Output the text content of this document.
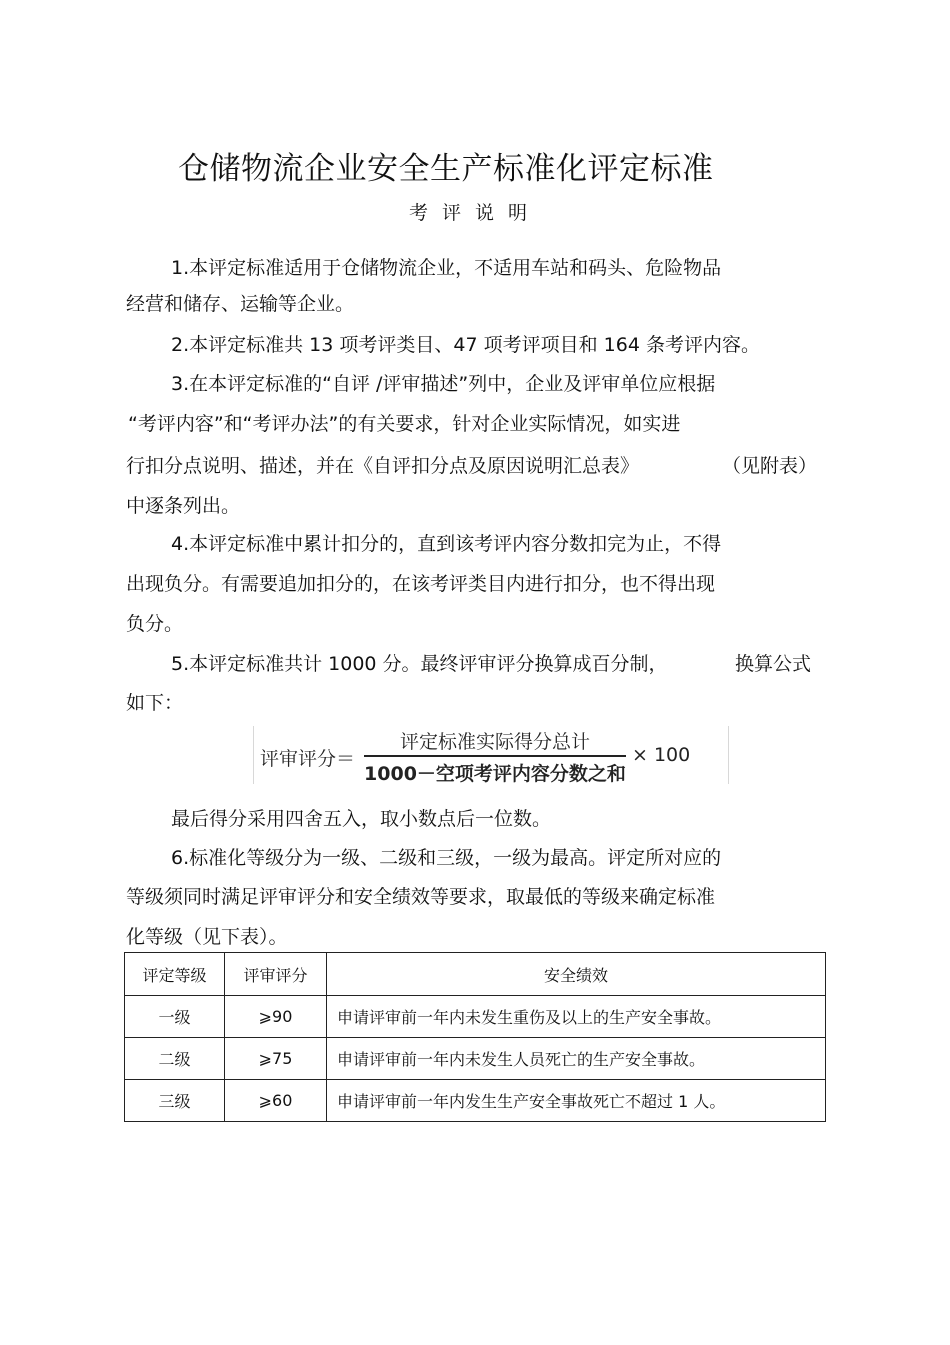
仓储物流企业安全生产标准化评定标准
考评说明
1.本评定标准适用于仓储物流企业，不适用车站和码头、危险物品
经营和储存、运输等企业。
2.本评定标准共 13 项考评类目、47 项考评项目和 164 条考评内容。
3.在本评定标准的“自评 /评审描述”列中，企业及评审单位应根据
“考评内容”和“考评办法”的有关要求，针对企业实际情况，如实进
行扣分点说明、描述，并在《自评扣分点及原因说明汇总表》	（见附表）
中逐条列出。
4.本评定标准中累计扣分的，直到该考评内容分数扣完为止，不得
出现负分。有需要追加扣分的，在该考评类目内进行扣分，也不得出现
负分。
5.本评定标准共计 1000 分。最终评审评分换算成百分制，	换算公式
如下：
评审评分＝
评定标准实际得分总计
1000－空项考评内容分数之和
× 100
最后得分采用四舍五入，取小数点后一位数。
6.标准化等级分为一级、二级和三级，一级为最高。评定所对应的
等级须同时满足评审评分和安全绩效等要求，取最低的等级来确定标准
化等级（见下表）。
评定等级	评审评分	安全绩效
一级	⩾90	申请评审前一年内未发生重伤及以上的生产安全事故。
二级	⩾75	申请评审前一年内未发生人员死亡的生产安全事故。
三级	⩾60	申请评审前一年内发生生产安全事故死亡不超过 1 人。
